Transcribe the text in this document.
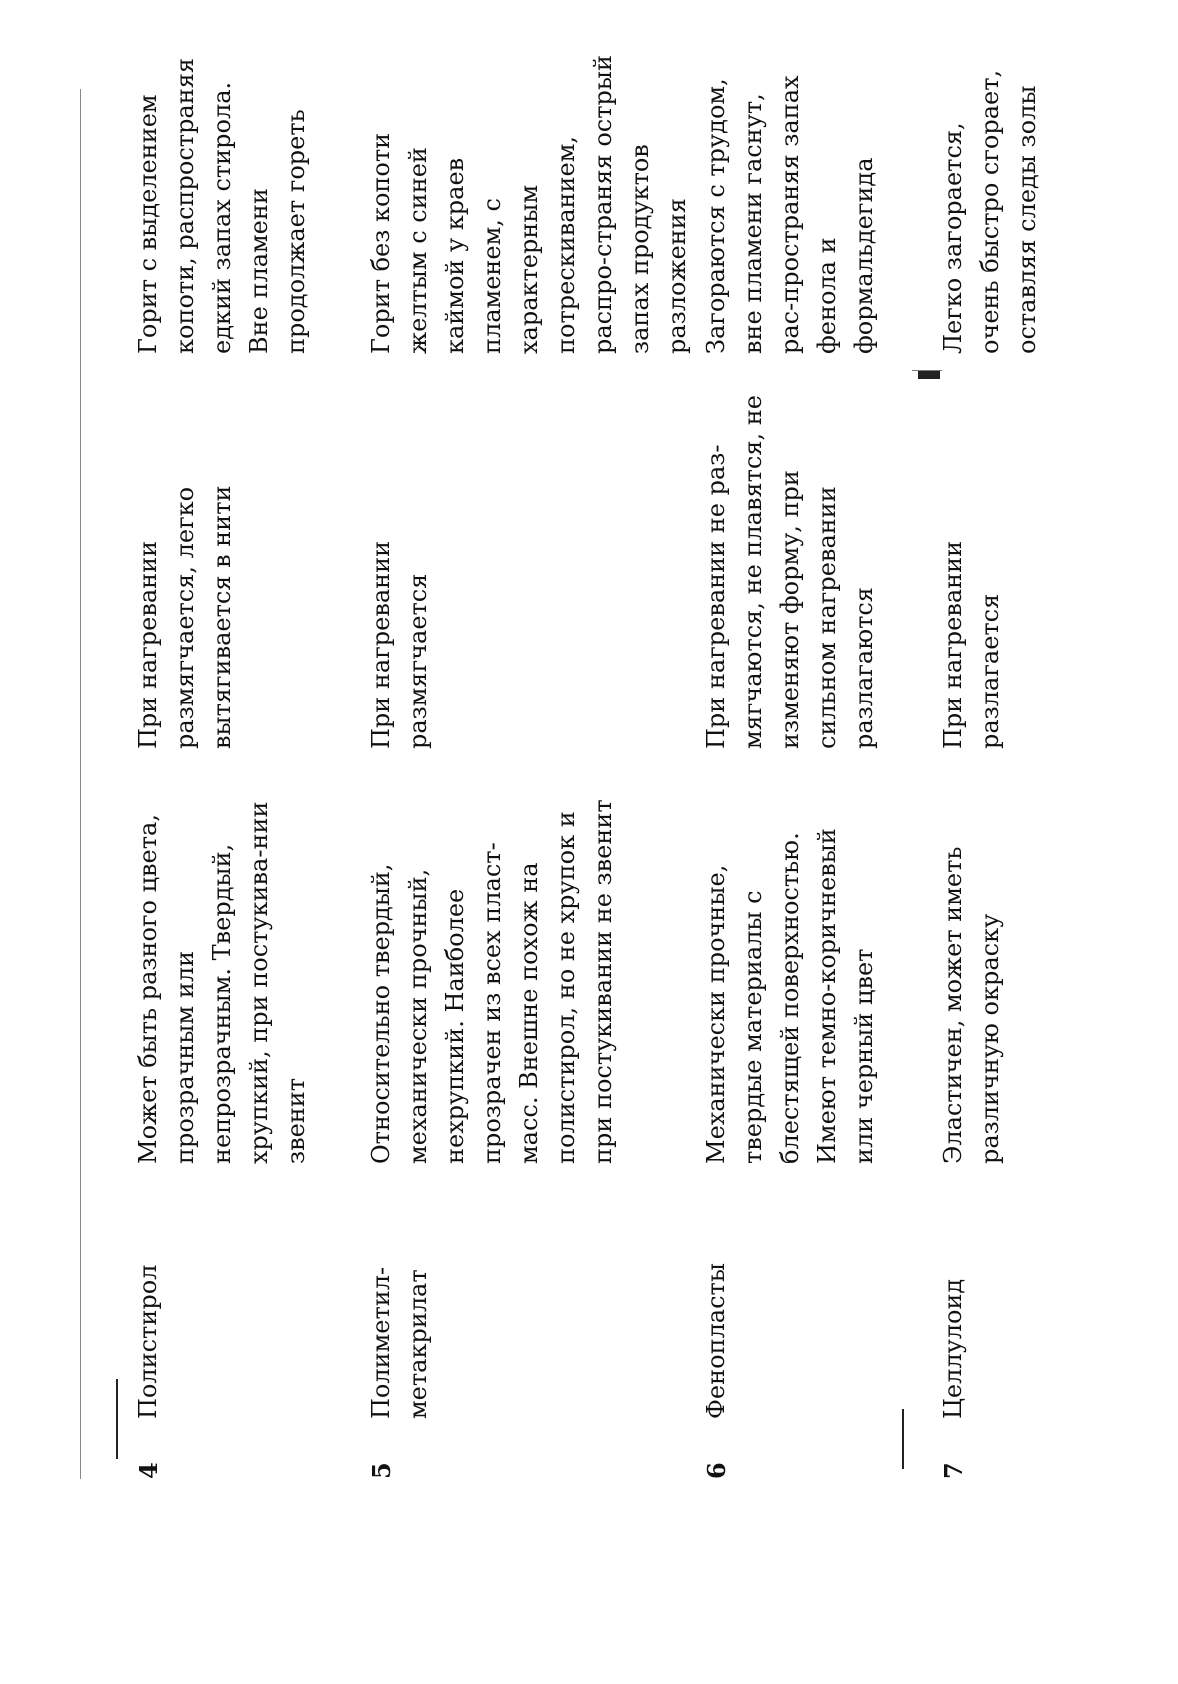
4
Полистирол
Может быть разного цвета, прозрачным или непрозрачным. Твердый, хрупкий, при постукива-нии звенит
При нагревании размягчается, легко вытягивается в нити
Горит с выделением копоти, распространяя едкий запах стирола. Вне пламени продолжает гореть
5
Полиметил-метакрилат
Относительно твердый, механически прочный, нехрупкий. Наиболее прозрачен из всех пласт-масс. Внешне похож на полистирол, но не хрупок и при постукивании не звенит
При нагревании размягчается
Горит без копоти желтым с синей каймой у краев пламенем, с характерным потрескиванием, распро-страняя острый запах продуктов разложения
6
Фенопласты
Механически прочные, твердые материалы с блестящей поверхностью. Имеют темно-коричневый или черный цвет
При нагревании не раз-мягчаются, не плавятся, не изменяют форму, при сильном нагревании разлагаются
Загораются с трудом, вне пламени гаснут, рас-пространяя запах фенола и формальдегида
7
Целлулоид
Эластичен, может иметь различную окраску
При нагревании разлагается
Легко загорается, очень быстро сгорает, оставляя следы золы
